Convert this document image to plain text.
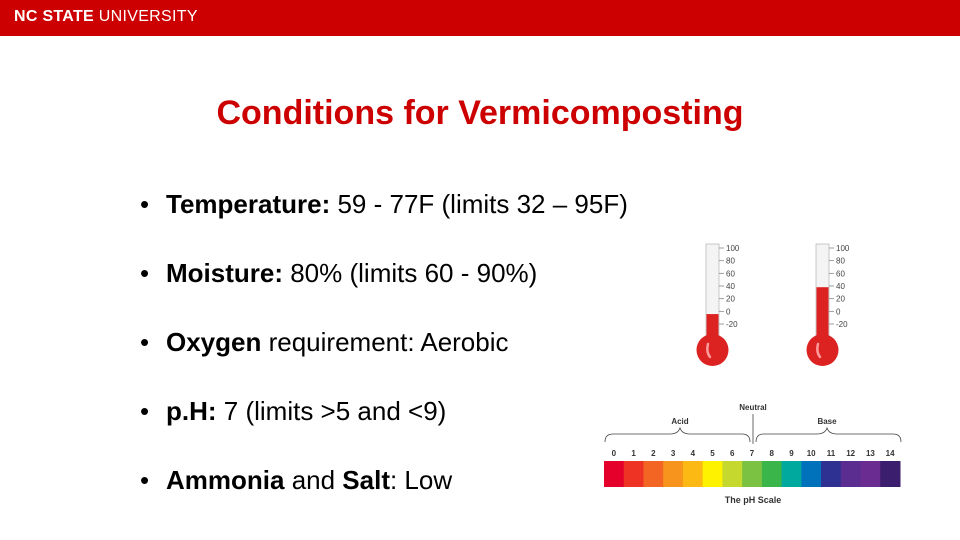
NC STATE UNIVERSITY
Conditions for Vermicomposting
• Temperature: 59 - 77F (limits 32 – 95F)
• Moisture: 80% (limits 60 - 90%)
• Oxygen requirement: Aerobic
• p.H: 7 (limits >5 and <9)
• Ammonia and Salt: Low
100
80
60
40
20
0
-20
100
80
60
40
20
0
-20
Acid
Neutral
Base
0 1 2 3 4 5 6 7 8 9 10 11 12 13 14
The pH Scale
